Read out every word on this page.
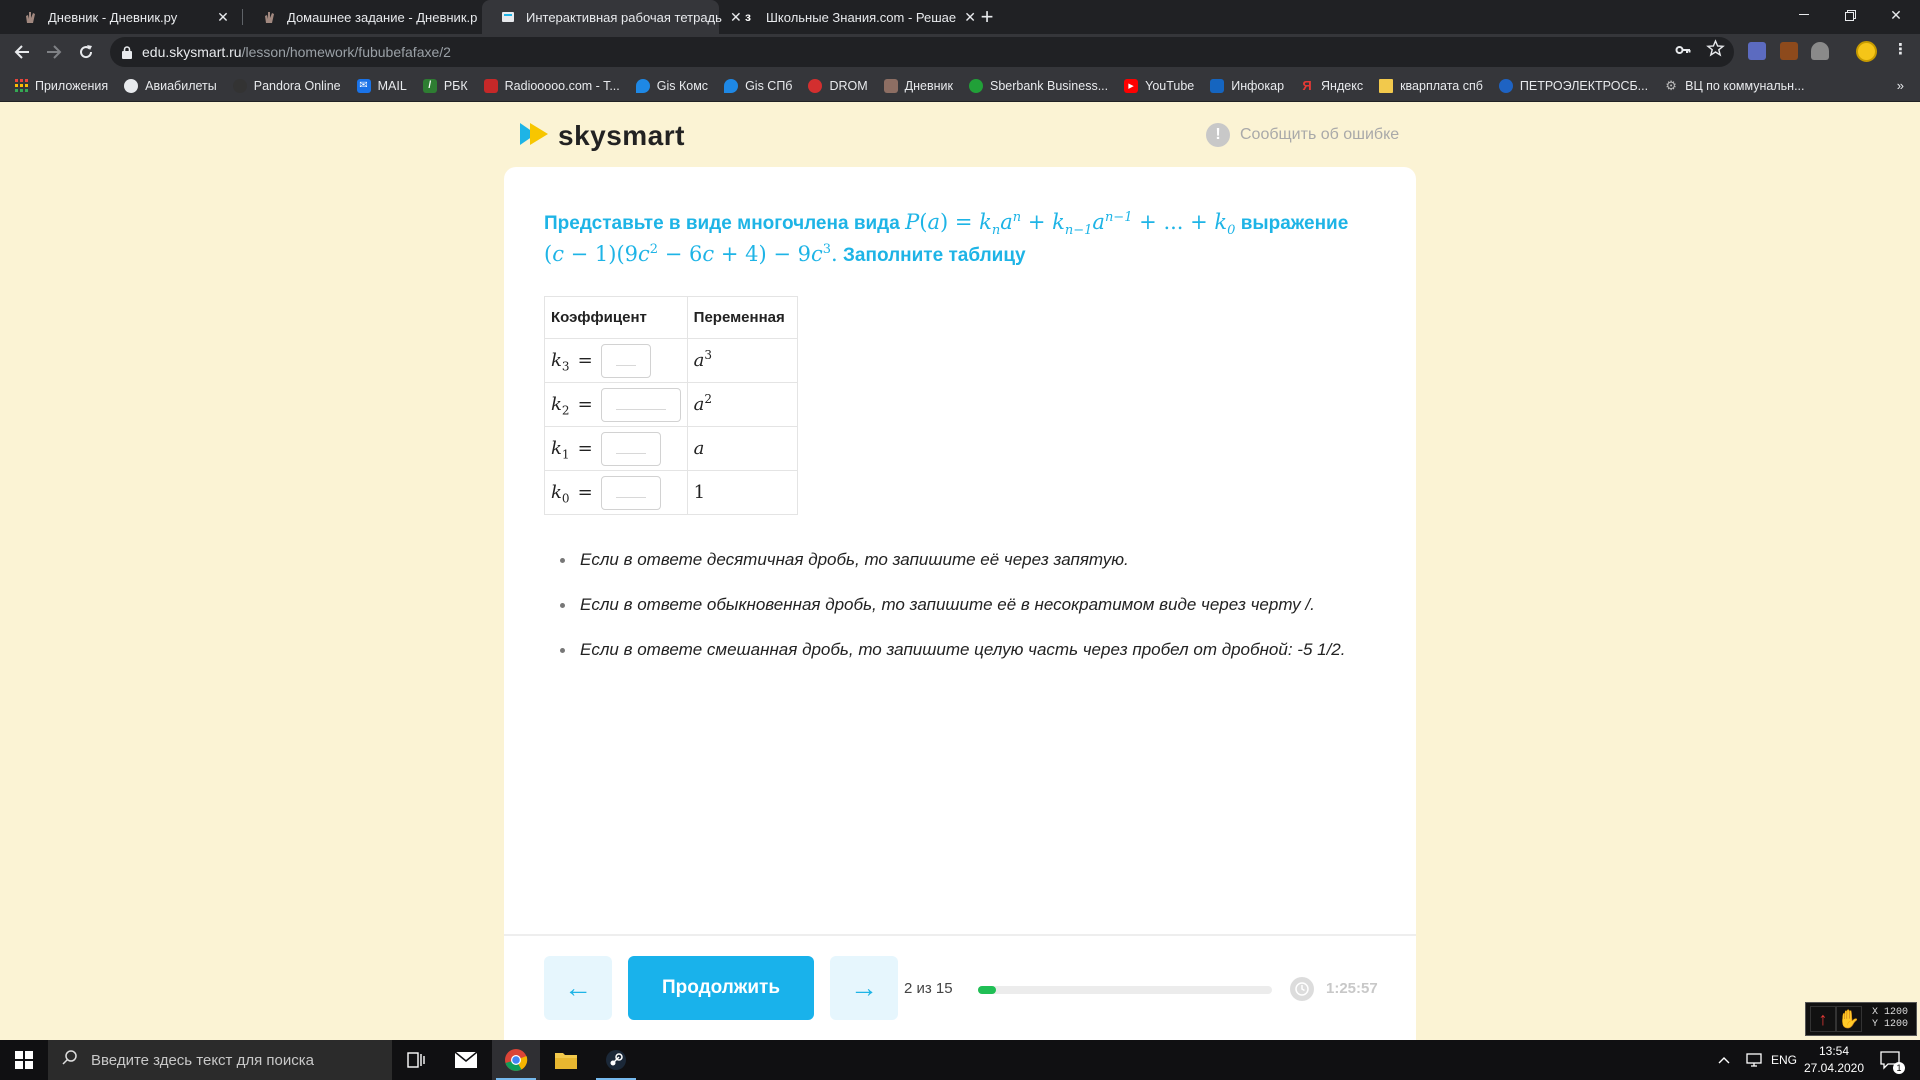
Дневник - Дневник.ру	✕	Домашнее задание - Дневник.р	Интерактивная рабочая тетрадь ✕ з	Школьные Знания.com - Решае ✕ +	✕
edu.skysmart.ru /lesson/homework/fububefafaxe/2	⋮
Приложения	Авиабилеты	Pandora Online ✉ MAIL	/	РБК	Radiooooo.com - T...	Gis Комс	Gis СПб	DROM	Дневник	Sberbank Business...	▶ YouTube	Инфокар Я Яндекс	кварплата спб	ПЕТРОЭЛЕКТРОСБ... ⚙ ВЦ по коммунальн...	»
skysmart	!	Сообщить об ошибке
Представьте в виде многочлена вида $P(a) = k_na^n + k_{n-1}a^{n-1}$ + ... + $k_0$ выражение
$(c - 1)(9c^2 - 6c + 4) - 9c^3$. Заполните таблицу
Коэффицент	Переменная

$k_3$ =	$a^3$

$k_2$ =	$a^2$

$k_1$ =	a

$k_0$ =	1
Если в ответе десятичная дробь, то запишите её через запятую.
Если в ответе обыкновенная дробь, то запишите её в несократимом виде через черту /.
Если в ответе смешанная дробь, то запишите целую часть через пробел от дробной: -5 1/2.
←	Продолжить	→ 2 из 15	1:25:57
↑ ✋ X 1200
Y 1200
Введите здесь текст для поиска	ENG
13:54
27.04.2020	1
